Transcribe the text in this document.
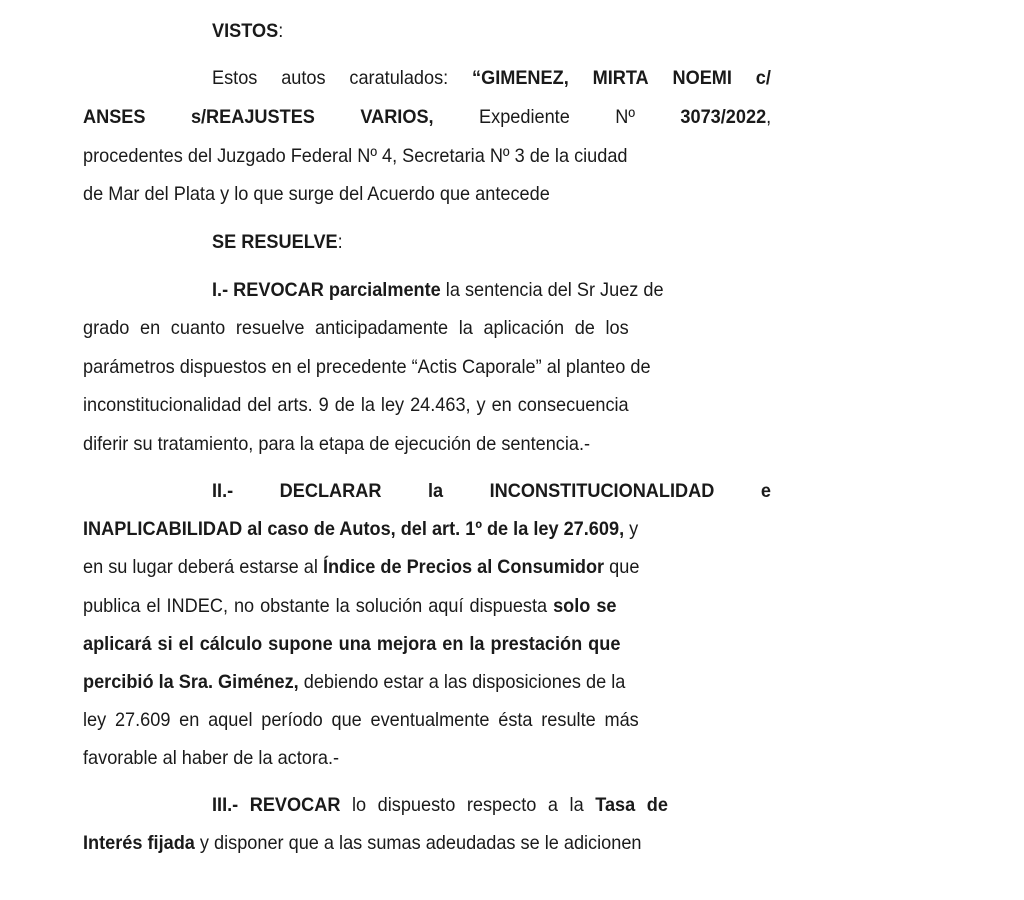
VISTOS:
Estos autos caratulados: “GIMENEZ, MIRTA NOEMI c/
ANSES s/REAJUSTES VARIOS, Expediente Nº 3073/2022,
procedentes del Juzgado Federal Nº 4, Secretaria Nº 3 de la ciudad
de Mar del Plata y lo que surge del Acuerdo que antecede
SE RESUELVE:
I.- REVOCAR parcialmente la sentencia del Sr Juez de
grado en cuanto resuelve anticipadamente la aplicación de los
parámetros dispuestos en el precedente “Actis Caporale” al planteo de
inconstitucionalidad del arts. 9 de la ley 24.463, y en consecuencia
diferir su tratamiento, para la etapa de ejecución de sentencia.-
II.- DECLARAR la INCONSTITUCIONALIDAD e
INAPLICABILIDAD al caso de Autos, del art. 1º de la ley 27.609, y
en su lugar deberá estarse al Índice de Precios al Consumidor que
publica el INDEC, no obstante la solución aquí dispuesta solo se
aplicará si el cálculo supone una mejora en la prestación que
percibió la Sra. Giménez, debiendo estar a las disposiciones de la
ley 27.609 en aquel período que eventualmente ésta resulte más
favorable al haber de la actora.-
III.- REVOCAR lo dispuesto respecto a la Tasa de
Interés fijada y disponer que a las sumas adeudadas se le adicionen
